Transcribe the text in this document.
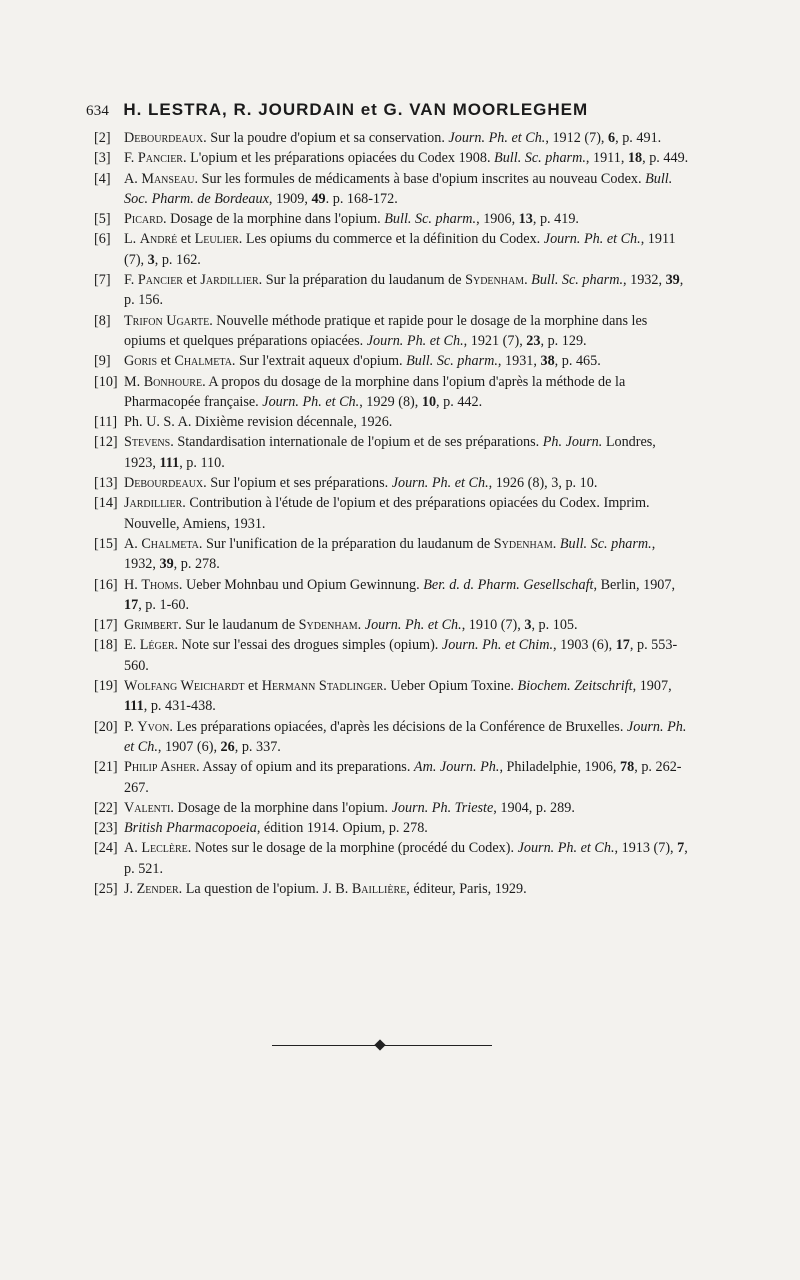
634 H. LESTRA, R. JOURDAIN et G. VAN MOORLEGHEM

[2] Debourdeaux. Sur la poudre d'opium et sa conservation. Journ. Ph. et Ch., 1912 (7), 6, p. 491.

[3] F. Pancier. L'opium et les préparations opiacées du Codex 1908. Bull. Sc. pharm., 1911, 18, p. 449.

[4] A. Manseau. Sur les formules de médicaments à base d'opium inscrites au nouveau Codex. Bull. Soc. Pharm. de Bordeaux, 1909, 49. p. 168-172.

[5] Picard. Dosage de la morphine dans l'opium. Bull. Sc. pharm., 1906, 13, p. 419.

[6] L. André et Leulier. Les opiums du commerce et la définition du Codex. Journ. Ph. et Ch., 1911 (7), 3, p. 162.

[7] F. Pancier et Jardillier. Sur la préparation du laudanum de Sydenham. Bull. Sc. pharm., 1932, 39, p. 156.

[8] Trifon Ugarte. Nouvelle méthode pratique et rapide pour le dosage de la morphine dans les opiums et quelques préparations opiacées. Journ. Ph. et Ch., 1921 (7), 23, p. 129.

[9] Goris et Chalmeta. Sur l'extrait aqueux d'opium. Bull. Sc. pharm., 1931, 38, p. 465.

[10] M. Bonhoure. A propos du dosage de la morphine dans l'opium d'après la méthode de la Pharmacopée française. Journ. Ph. et Ch., 1929 (8), 10, p. 442.

[11] Ph. U. S. A. Dixième revision décennale, 1926.

[12] Stevens. Standardisation internationale de l'opium et de ses préparations. Ph. Journ. Londres, 1923, 111, p. 110.

[13] Debourdeaux. Sur l'opium et ses préparations. Journ. Ph. et Ch., 1926 (8), 3, p. 10.

[14] Jardillier. Contribution à l'étude de l'opium et des préparations opiacées du Codex. Imprim. Nouvelle, Amiens, 1931.

[15] A. Chalmeta. Sur l'unification de la préparation du laudanum de Sydenham. Bull. Sc. pharm., 1932, 39, p. 278.

[16] H. Thoms. Ueber Mohnbau und Opium Gewinnung. Ber. d. d. Pharm. Gesellschaft, Berlin, 1907, 17, p. 1-60.

[17] Grimbert. Sur le laudanum de Sydenham. Journ. Ph. et Ch., 1910 (7), 3, p. 105.

[18] E. Léger. Note sur l'essai des drogues simples (opium). Journ. Ph. et Chim., 1903 (6), 17, p. 553-560.

[19] Wolfang Weichardt et Hermann Stadlinger. Ueber Opium Toxine. Biochem. Zeitschrift, 1907, 111, p. 431-438.

[20] P. Yvon. Les préparations opiacées, d'après les décisions de la Conférence de Bruxelles. Journ. Ph. et Ch., 1907 (6), 26, p. 337.

[21] Philip Asher. Assay of opium and its preparations. Am. Journ. Ph., Philadelphie, 1906, 78, p. 262-267.

[22] Valenti. Dosage de la morphine dans l'opium. Journ. Ph. Trieste, 1904, p. 289.

[23] British Pharmacopoeia, édition 1914. Opium, p. 278.

[24] A. Leclère. Notes sur le dosage de la morphine (procédé du Codex). Journ. Ph. et Ch., 1913 (7), 7, p. 521.

[25] J. Zender. La question de l'opium. J. B. Baillière, éditeur, Paris, 1929.
